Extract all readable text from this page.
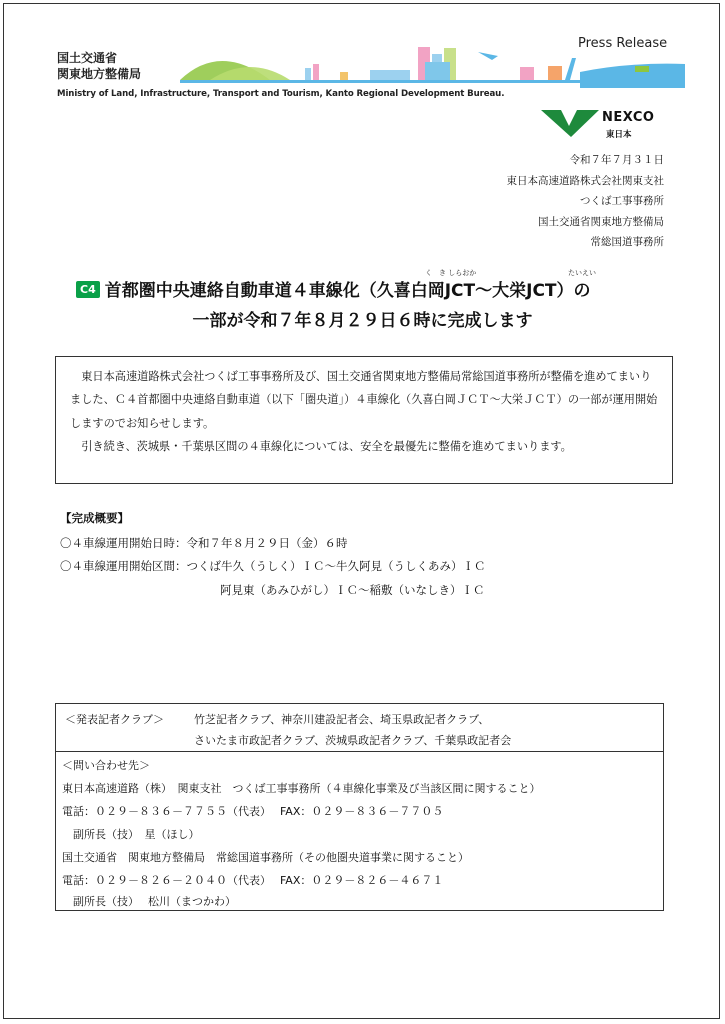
国土交通省
関東地方整備局
Ministry of Land, Infrastructure, Transport and Tourism, Kanto Regional Development Bureau.
Press Release
NEXCO
東日本
令和７年７月３１日
東日本高速道路株式会社関東支社
つくば工事事務所
国土交通省関東地方整備局
常総国道事務所
く　き しらおか	たいえい
C4 首都圏中央連絡自動車道４車線化（久喜白岡JCT～大栄JCT）の
一部が令和７年８月２９日６時に完成します

　東日本高速道路株式会社つくば工事事務所及び、国土交通省関東地方整備局常総国道事務所が整備を進めてまいりました、Ｃ４首都圏中央連絡自動車道（以下「圏央道」）４車線化（久喜白岡ＪＣＴ～大栄ＪＣＴ）の一部が運用開始しますのでお知らせします。

　引き続き、茨城県・千葉県区間の４車線化については、安全を最優先に整備を進めてまいります。

【完成概要】
〇４車線運用開始日時：令和７年８月２９日（金）６時
〇４車線運用開始区間：つくば牛久（うしく）ＩＣ～牛久阿見（うしくあみ）ＩＣ
阿見東（あみひがし）ＩＣ～稲敷（いなしき）ＩＣ
＜発表記者クラブ＞	竹芝記者クラブ、神奈川建設記者会、埼玉県政記者クラブ、
さいたま市政記者クラブ、茨城県政記者クラブ、千葉県政記者会
＜問い合わせ先＞
東日本高速道路（株）　関東支社　つくば工事事務所（４車線化事業及び当該区間に関すること）
電話：０２９－８３６－７７５５（代表）　 FAX：０２９－８３６－７７０５
　副所長（技）　星（ほし）
国土交通省　関東地方整備局　常総国道事務所（その他圏央道事業に関すること）
電話：０２９－８２６－２０４０（代表）　 FAX：０２９－８２６－４６７１
　副所長（技）　 松川（まつかわ）
